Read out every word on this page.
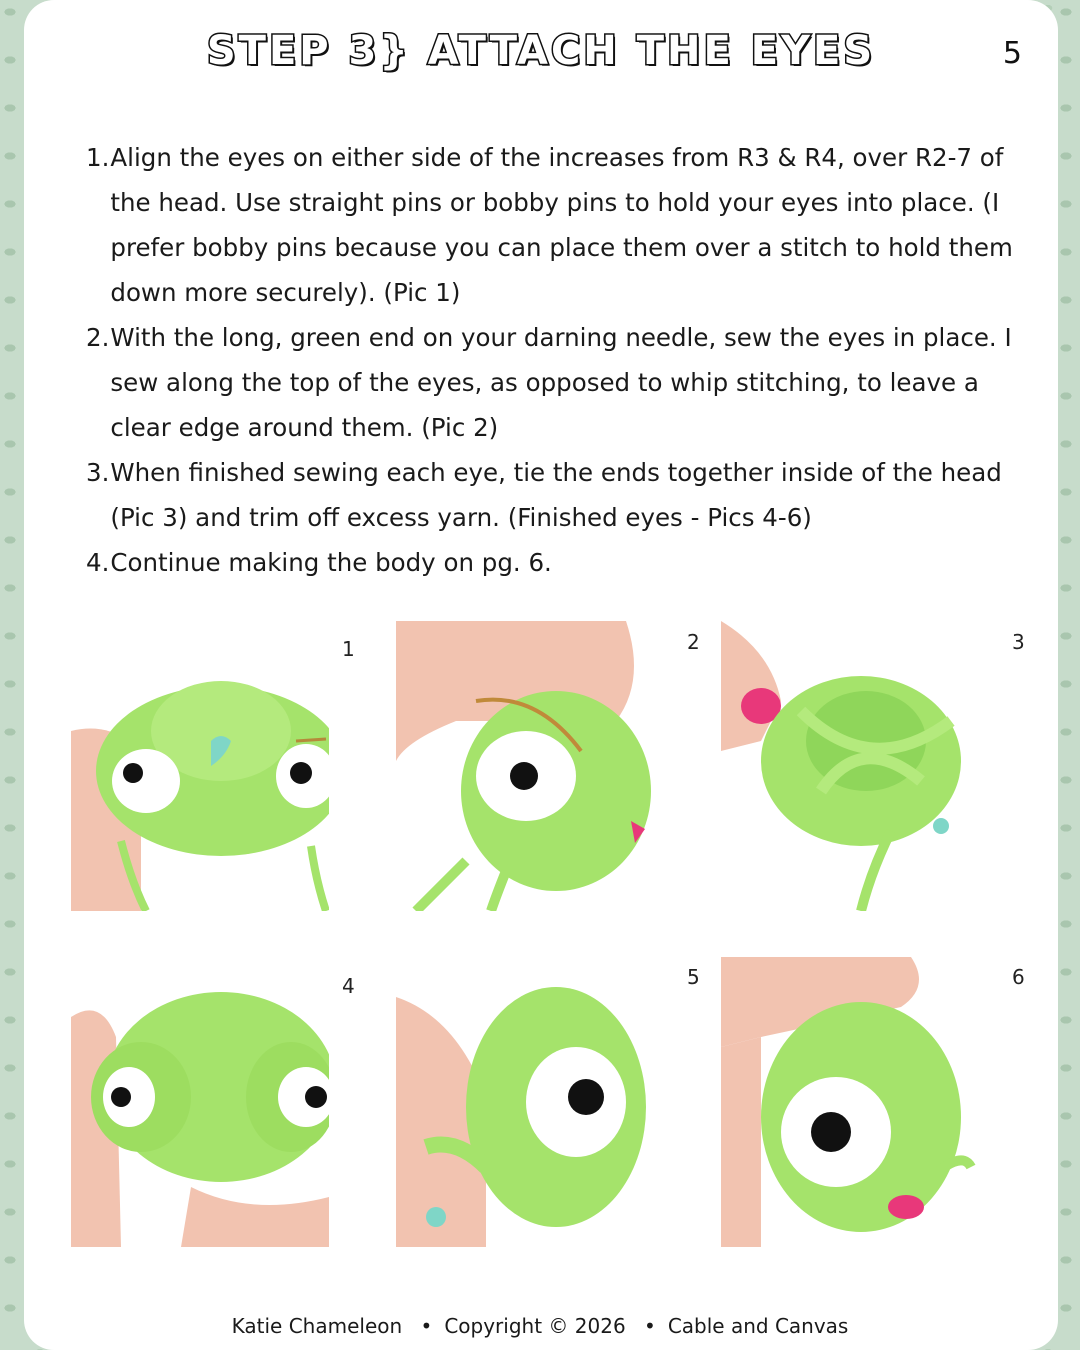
STEP 3} ATTACH THE EYES	5
1. Align the eyes on either side of the increases from R3 & R4, over R2-7 of the head. Use straight pins or bobby pins to hold your eyes into place. (I prefer bobby pins because you can place them over a stitch to hold them down more securely). (Pic 1)
2. With the long, green end on your darning needle, sew the eyes in place. I sew along the top of the eyes, as opposed to whip stitching, to leave a clear edge around them. (Pic 2)
3. When finished sewing each eye, tie the ends together inside of the head (Pic 3) and trim off excess yarn. (Finished eyes - Pics 4-6)
4. Continue making the body on pg. 6.
1	2	3
4	5	6
Katie Chameleon • Copyright © 2026 • Cable and Canvas
